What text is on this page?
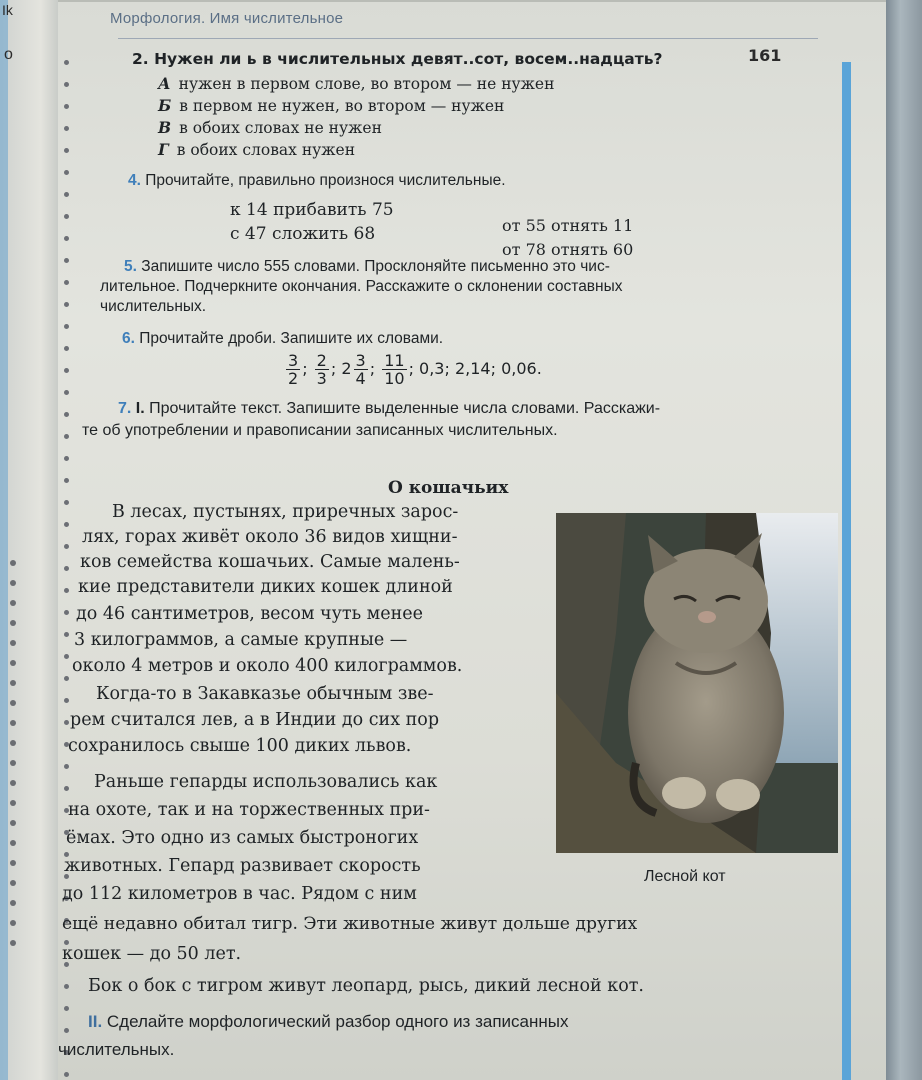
Ik
о
Морфология. Имя числительное
161
2. Нужен ли ь в числительных девят..сот, восем..надцать?
А нужен в первом слове, во втором — не нужен
Б в первом не нужен, во втором — нужен
В в обоих словах не нужен
Г в обоих словах нужен
4. Прочитайте, правильно произнося числительные.
к 14 прибавить 75
с 47 сложить 68	от 55 отнять 11
от 78 отнять 60
5. Запишите число 555 словами. Просклоняйте письменно это чис-
лительное. Подчеркните окончания. Расскажите о склонении составных
числительных.
6. Прочитайте дроби. Запишите их словами.
$\frac{3}{2}$ ; $\frac{2}{3}$ ; $2 \frac{3}{4}$ ; $\frac{11}{10}$ ; 0,3; 2,14; 0,06.
7. I. Прочитайте текст. Запишите выделенные числа словами. Расскажи-
те об употреблении и правописании записанных числительных.
О кошачьих
В лесах, пустынях, приречных зарос-
лях, горах живёт около 36 видов хищни-
ков семейства кошачьих. Самые малень-
кие представители диких кошек длиной
до 46 сантиметров, весом чуть менее
3 килограммов, а самые крупные —
около 4 метров и около 400 килограммов.
Когда-то в Закавказье обычным зве-
рем считался лев, а в Индии до сих пор
сохранилось свыше 100 диких львов.
Раньше гепарды использовались как
на охоте, так и на торжественных при-
ёмах. Это одно из самых быстроногих
животных. Гепард развивает скорость
до 112 километров в час. Рядом с ним
ещё недавно обитал тигр. Эти животные живут дольше других
кошек — до 50 лет.
Бок о бок с тигром живут леопард, рысь, дикий лесной кот.
Лесной кот
II. Сделайте морфологический разбор одного из записанных
числительных.
